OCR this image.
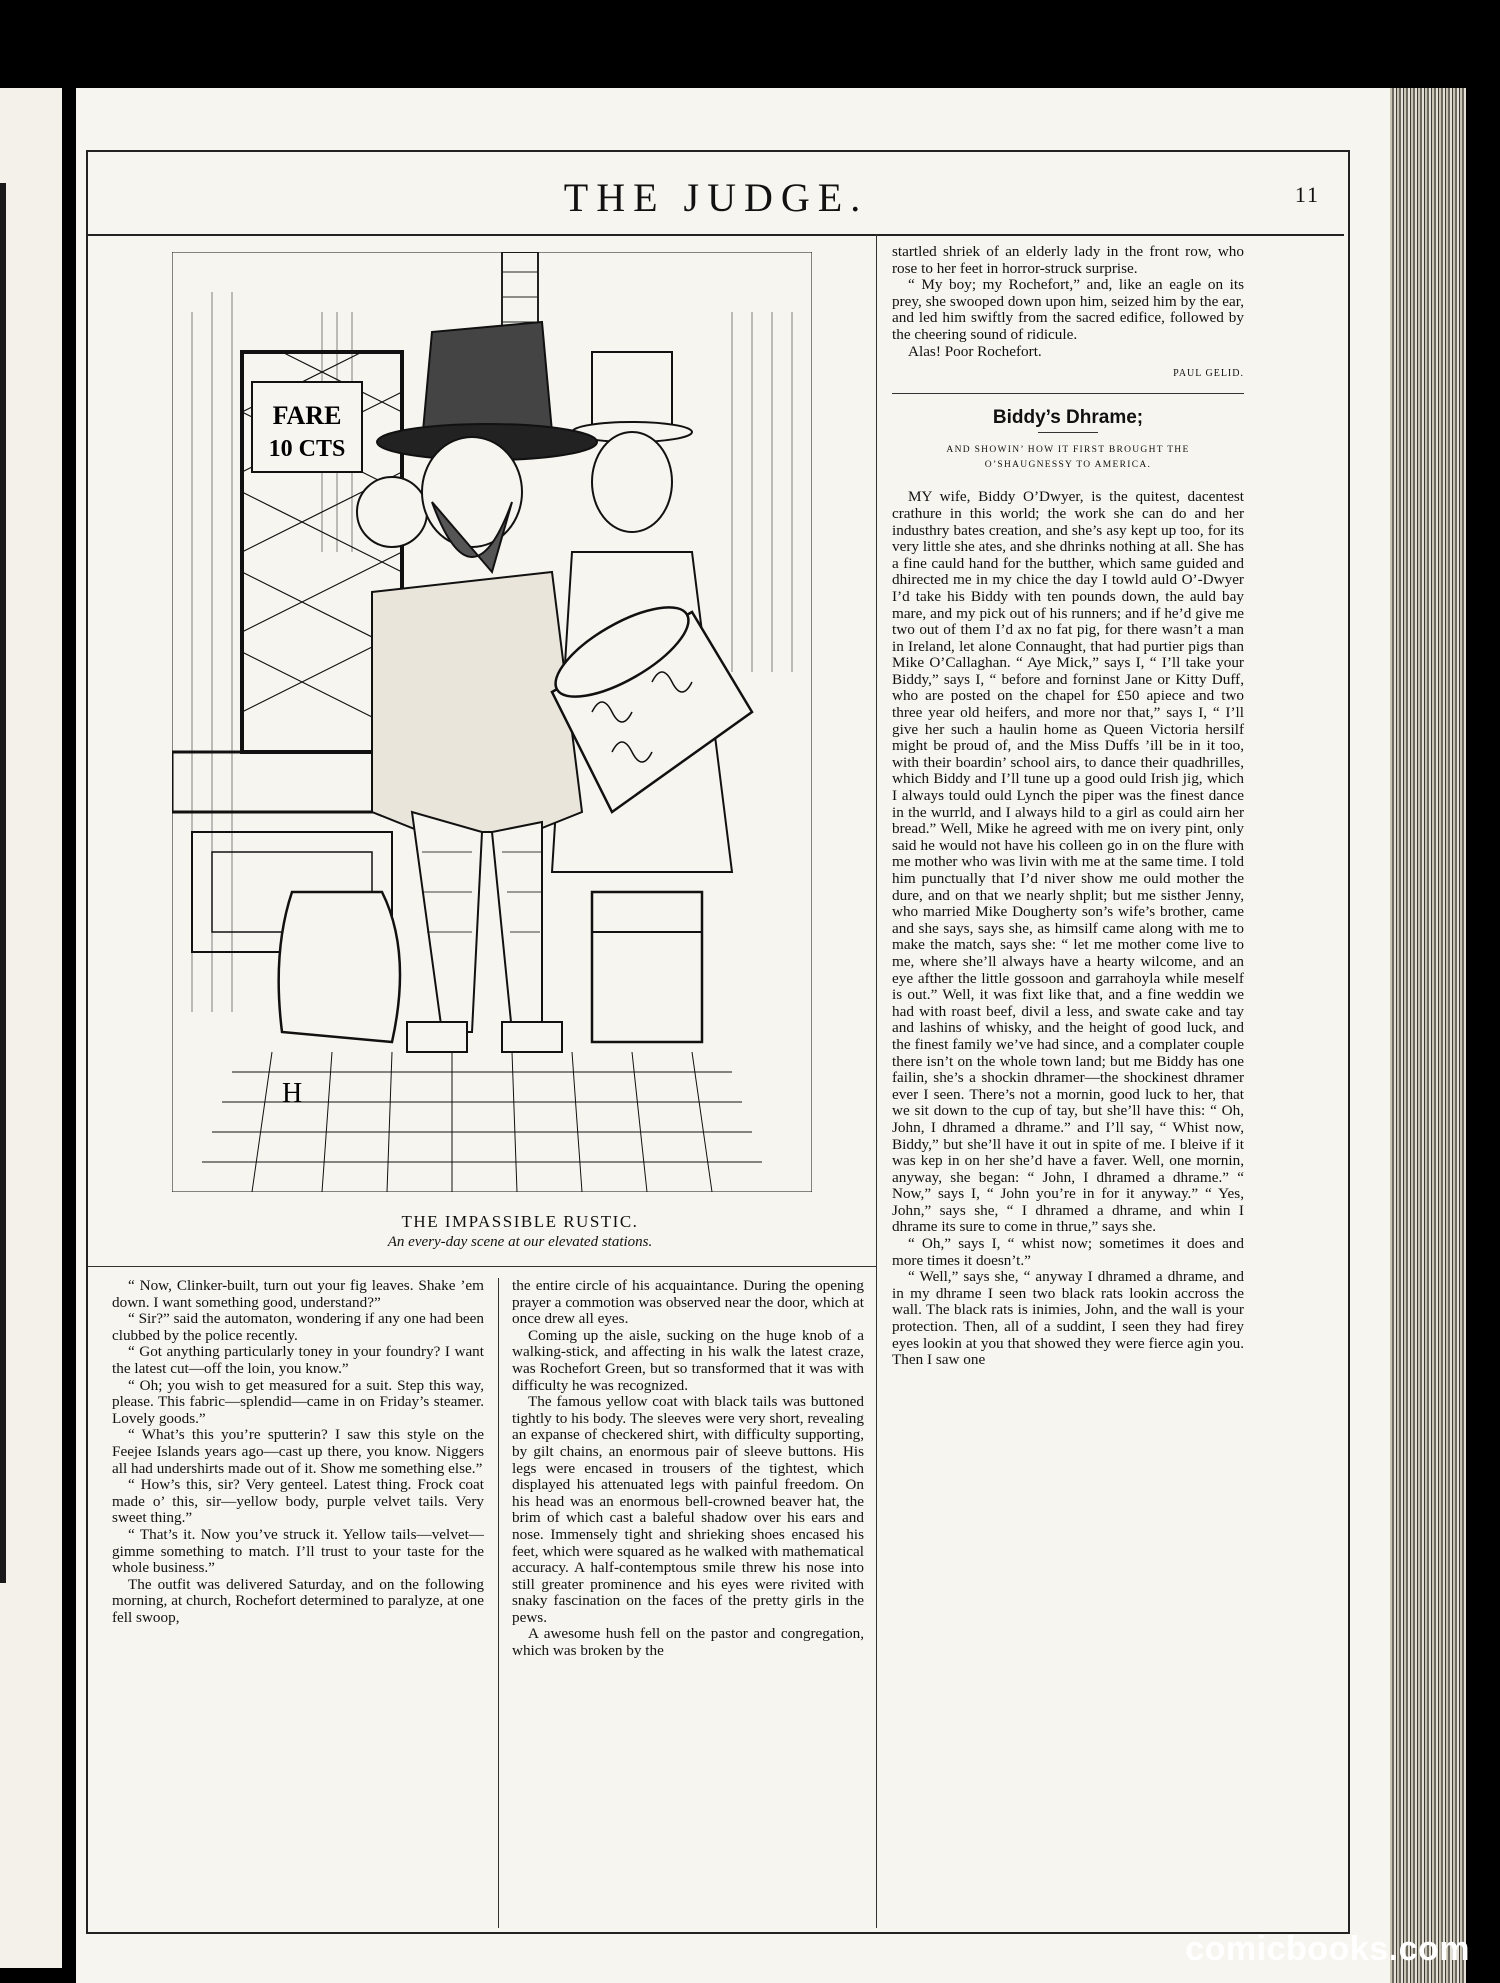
THE JUDGE.	11
FARE
10 CTS
H
THE IMPASSIBLE RUSTIC.
An every-day scene at our elevated stations.

“ Now, Clinker-built, turn out your fig leaves. Shake ’em down. I want something good, understand?”

“ Sir?” said the automaton, wondering if any one had been clubbed by the police recently.

“ Got anything particularly toney in your foundry? I want the latest cut—off the loin, you know.”

“ Oh; you wish to get measured for a suit. Step this way, please. This fabric—splendid—came in on Friday’s steamer. Lovely goods.”

“ What’s this you’re sputterin? I saw this style on the Feejee Islands years ago—cast up there, you know. Niggers all had undershirts made out of it. Show me something else.”

“ How’s this, sir? Very genteel. Latest thing. Frock coat made o’ this, sir—yellow body, purple velvet tails. Very sweet thing.”

“ That’s it. Now you’ve struck it. Yellow tails—velvet—gimme something to match. I’ll trust to your taste for the whole business.”

The outfit was delivered Saturday, and on the following morning, at church, Rochefort determined to paralyze, at one fell swoop,

the entire circle of his acquaintance. During the opening prayer a commotion was observed near the door, which at once drew all eyes.

Coming up the aisle, sucking on the huge knob of a walking-stick, and affecting in his walk the latest craze, was Rochefort Green, but so transformed that it was with difficulty he was recognized.

The famous yellow coat with black tails was buttoned tightly to his body. The sleeves were very short, revealing an expanse of checkered shirt, with difficulty supporting, by gilt chains, an enormous pair of sleeve buttons. His legs were encased in trousers of the tightest, which displayed his attenuated legs with painful freedom. On his head was an enormous bell-crowned beaver hat, the brim of which cast a baleful shadow over his ears and nose. Immensely tight and shrieking shoes encased his feet, which were squared as he walked with mathematical accuracy. A half-contemptous smile threw his nose into still greater prominence and his eyes were rivited with snaky fascination on the faces of the pretty girls in the pews.

A awesome hush fell on the pastor and congregation, which was broken by the

startled shriek of an elderly lady in the front row, who rose to her feet in horror-struck surprise.

“ My boy; my Rochefort,” and, like an eagle on its prey, she swooped down upon him, seized him by the ear, and led him swiftly from the sacred edifice, followed by the cheering sound of ridicule.

Alas! Poor Rochefort.

PAUL GELID.
Biddy’s Dhrame;
AND SHOWIN’ HOW IT FIRST BROUGHT THE
O’SHAUGNESSY TO AMERICA.

MY wife, Biddy O’Dwyer, is the quitest, dacentest crathure in this world; the work she can do and her industhry bates creation, and she’s asy kept up too, for its very little she ates, and she dhrinks nothing at all. She has a fine cauld hand for the butther, which same guided and dhirected me in my chice the day I towld auld O’-Dwyer I’d take his Biddy with ten pounds down, the auld bay mare, and my pick out of his runners; and if he’d give me two out of them I’d ax no fat pig, for there wasn’t a man in Ireland, let alone Connaught, that had purtier pigs than Mike O’Callaghan. “ Aye Mick,” says I, “ I’ll take your Biddy,” says I, “ before and forninst Jane or Kitty Duff, who are posted on the chapel for £50 apiece and two three year old heifers, and more nor that,” says I, “ I’ll give her such a haulin home as Queen Victoria hersilf might be proud of, and the Miss Duffs ’ill be in it too, with their boardin’ school airs, to dance their quadhrilles, which Biddy and I’ll tune up a good ould Irish jig, which I always tould ould Lynch the piper was the finest dance in the wurrld, and I always hild to a girl as could airn her bread.” Well, Mike he agreed with me on ivery pint, only said he would not have his colleen go in on the flure with me mother who was livin with me at the same time. I told him punctually that I’d niver show me ould mother the dure, and on that we nearly shplit; but me sisther Jenny, who married Mike Dougherty son’s wife’s brother, came and she says, says she, as himsilf came along with me to make the match, says she: “ let me mother come live to me, where she’ll always have a hearty wilcome, and an eye afther the little gossoon and garrahoyla while meself is out.” Well, it was fixt like that, and a fine weddin we had with roast beef, divil a less, and swate cake and tay and lashins of whisky, and the height of good luck, and the finest family we’ve had since, and a complater couple there isn’t on the whole town land; but me Biddy has one failin, she’s a shockin dhramer—the shockinest dhramer ever I seen. There’s not a mornin, good luck to her, that we sit down to the cup of tay, but she’ll have this: “ Oh, John, I dhramed a dhrame.” and I’ll say, “ Whist now, Biddy,” but she’ll have it out in spite of me. I bleive if it was kep in on her she’d have a faver. Well, one mornin, anyway, she began: “ John, I dhramed a dhrame.” “ Now,” says I, “ John you’re in for it anyway.” “ Yes, John,” says she, “ I dhramed a dhrame, and whin I dhrame its sure to come in thrue,” says she.

“ Oh,” says I, “ whist now; sometimes it does and more times it doesn’t.”

“ Well,” says she, “ anyway I dhramed a dhrame, and in my dhrame I seen two black rats lookin accross the wall. The black rats is inimies, John, and the wall is your protection. Then, all of a suddint, I seen they had firey eyes lookin at you that showed they were fierce agin you. Then I saw one

comicbooks.com
